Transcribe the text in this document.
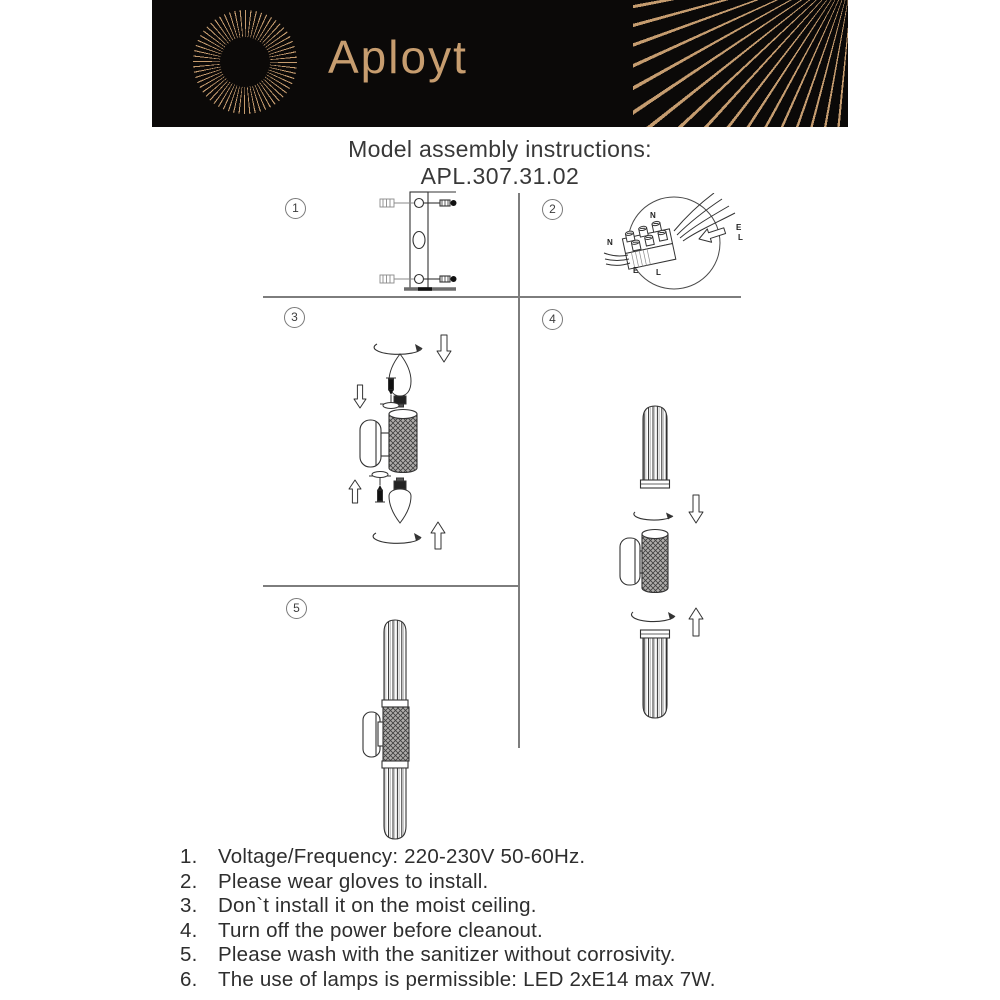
Aployt
Model assembly instructions:
APL.307.31.02
1	2
3	4
5
N
E
L
N
E L
1.	Voltage/Frequency: 220-230V 50-60Hz.
2.	Please wear gloves to install.
3.	Don`t install it on the moist ceiling.
4.	Turn off the power before cleanout.
5.	Please wash with the sanitizer without corrosivity.
6.	The use of lamps is permissible: LED 2xE14 max 7W.
